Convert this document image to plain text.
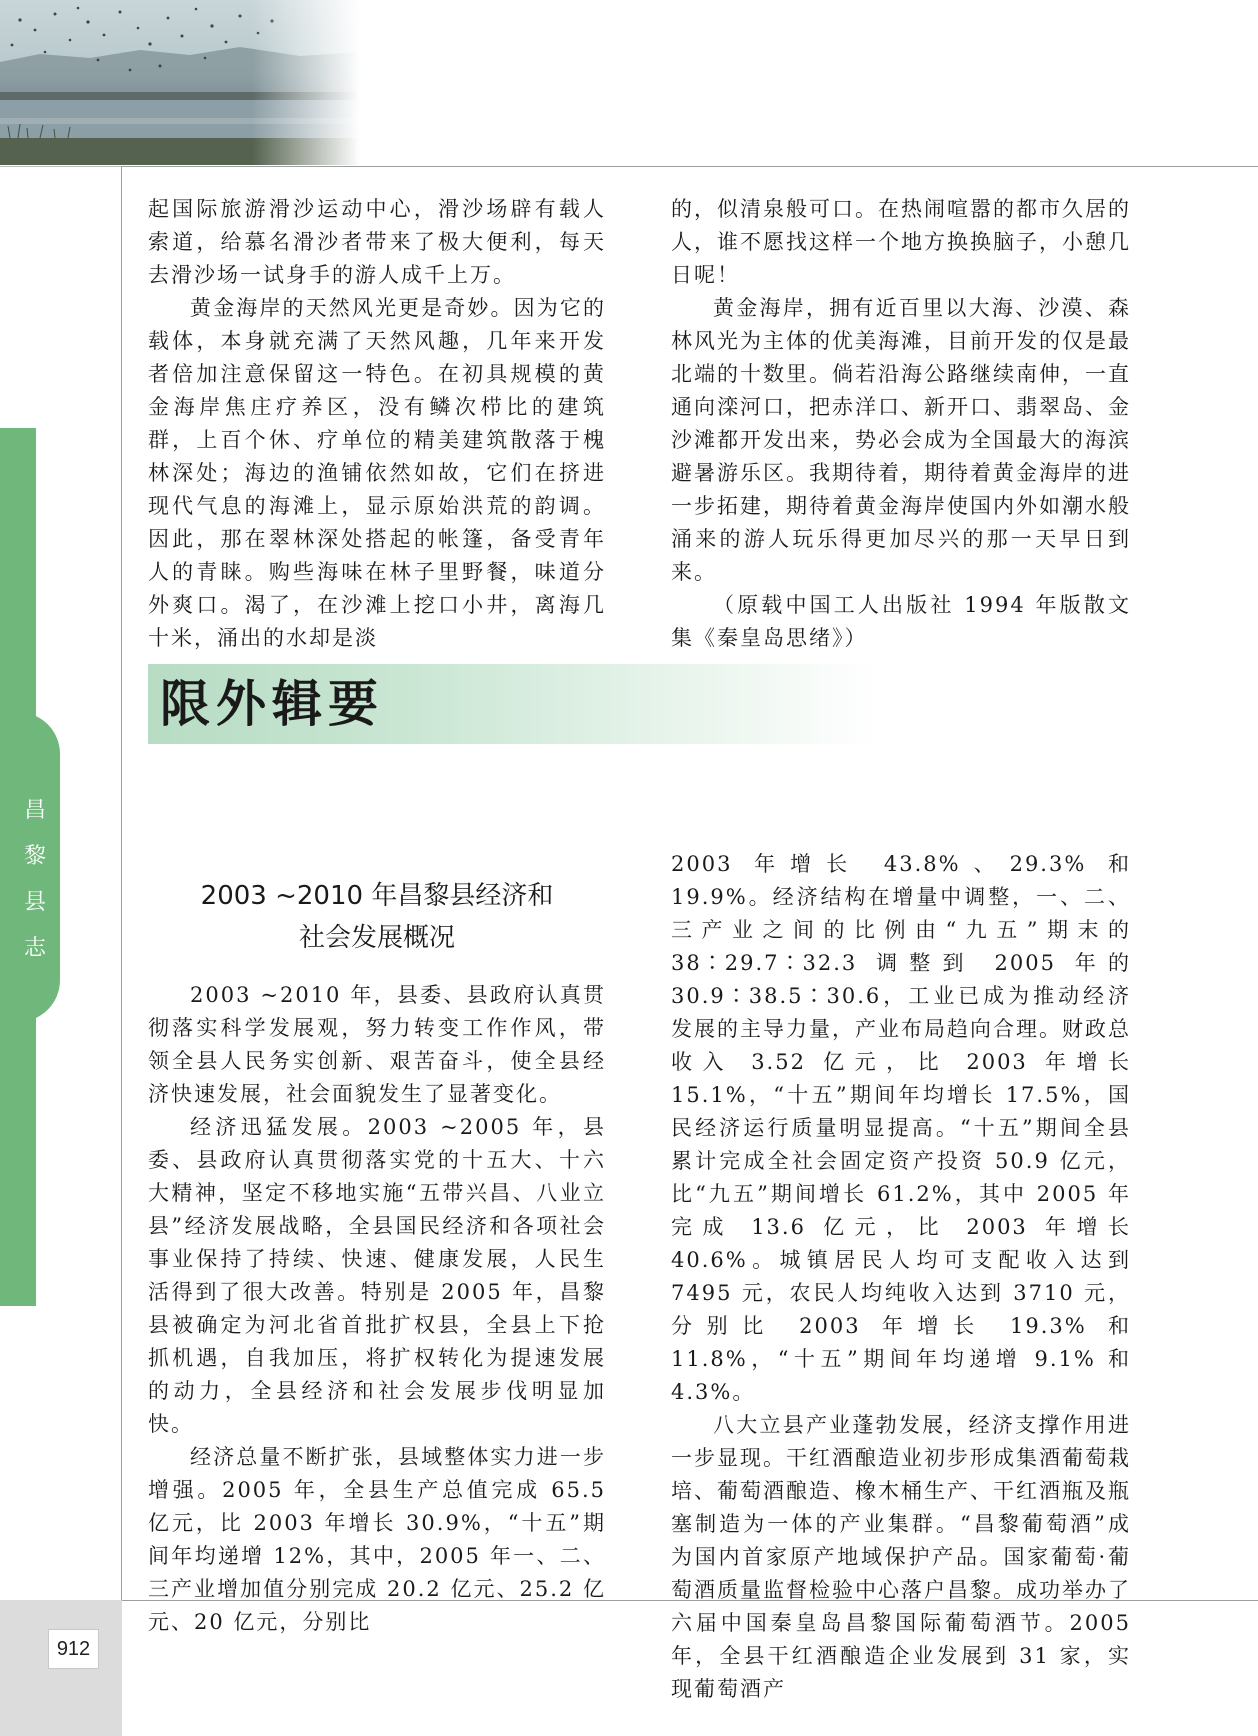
昌
黎
县
志

起国际旅游滑沙运动中心，滑沙场辟有载人索道，给慕名滑沙者带来了极大便利，每天去滑沙场一试身手的游人成千上万。

黄金海岸的天然风光更是奇妙。因为它的载体，本身就充满了天然风趣，几年来开发者倍加注意保留这一特色。在初具规模的黄金海岸焦庄疗养区，没有鳞次栉比的建筑群，上百个休、疗单位的精美建筑散落于槐林深处；海边的渔铺依然如故，它们在挤进现代气息的海滩上，显示原始洪荒的韵调。因此，那在翠林深处搭起的帐篷，备受青年人的青睐。购些海味在林子里野餐，味道分外爽口。渴了，在沙滩上挖口小井，离海几十米，涌出的水却是淡

的，似清泉般可口。在热闹喧嚣的都市久居的人，谁不愿找这样一个地方换换脑子，小憩几日呢！

黄金海岸，拥有近百里以大海、沙漠、森林风光为主体的优美海滩，目前开发的仅是最北端的十数里。倘若沿海公路继续南伸，一直通向滦河口，把赤洋口、新开口、翡翠岛、金沙滩都开发出来，势必会成为全国最大的海滨避暑游乐区。我期待着，期待着黄金海岸的进一步拓建，期待着黄金海岸使国内外如潮水般涌来的游人玩乐得更加尽兴的那一天早日到来。

（原载中国工人出版社 1994 年版散文集《秦皇岛思绪》）

限外辑要
2003 ~2010 年昌黎县经济和
社会发展概况

2003 ~2010 年，县委、县政府认真贯彻落实科学发展观，努力转变工作作风，带领全县人民务实创新、艰苦奋斗，使全县经济快速发展，社会面貌发生了显著变化。

经济迅猛发展。2003 ~2005 年，县委、县政府认真贯彻落实党的十五大、十六大精神，坚定不移地实施“五带兴昌、八业立县”经济发展战略，全县国民经济和各项社会事业保持了持续、快速、健康发展，人民生活得到了很大改善。特别是 2005 年，昌黎县被确定为河北省首批扩权县，全县上下抢抓机遇，自我加压，将扩权转化为提速发展的动力，全县经济和社会发展步伐明显加快。

经济总量不断扩张，县域整体实力进一步增强。2005 年，全县生产总值完成 65.5 亿元，比 2003 年增长 30.9%，“十五”期间年均递增 12%，其中，2005 年一、二、三产业增加值分别完成 20.2 亿元、25.2 亿元、20 亿元，分别比

2003 年增长 43.8%、29.3% 和 19.9%。经济结构在增量中调整，一、二、三产业之间的比例由“九五”期末的 38∶29.7∶32.3 调整到 2005 年的 30.9∶38.5∶30.6，工业已成为推动经济发展的主导力量，产业布局趋向合理。财政总收入 3.52 亿元，比 2003 年增长 15.1%，“十五”期间年均增长 17.5%，国民经济运行质量明显提高。“十五”期间全县累计完成全社会固定资产投资 50.9 亿元，比“九五”期间增长 61.2%，其中 2005 年完成 13.6 亿元，比 2003 年增长 40.6%。城镇居民人均可支配收入达到 7495 元，农民人均纯收入达到 3710 元，分别比 2003 年增长 19.3% 和 11.8%，“十五”期间年均递增 9.1% 和 4.3%。

八大立县产业蓬勃发展，经济支撑作用进一步显现。干红酒酿造业初步形成集酒葡萄栽培、葡萄酒酿造、橡木桶生产、干红酒瓶及瓶塞制造为一体的产业集群。“昌黎葡萄酒”成为国内首家原产地域保护产品。国家葡萄·葡萄酒质量监督检验中心落户昌黎。成功举办了六届中国秦皇岛昌黎国际葡萄酒节。2005 年，全县干红酒酿造企业发展到 31 家，实现葡萄酒产

912
